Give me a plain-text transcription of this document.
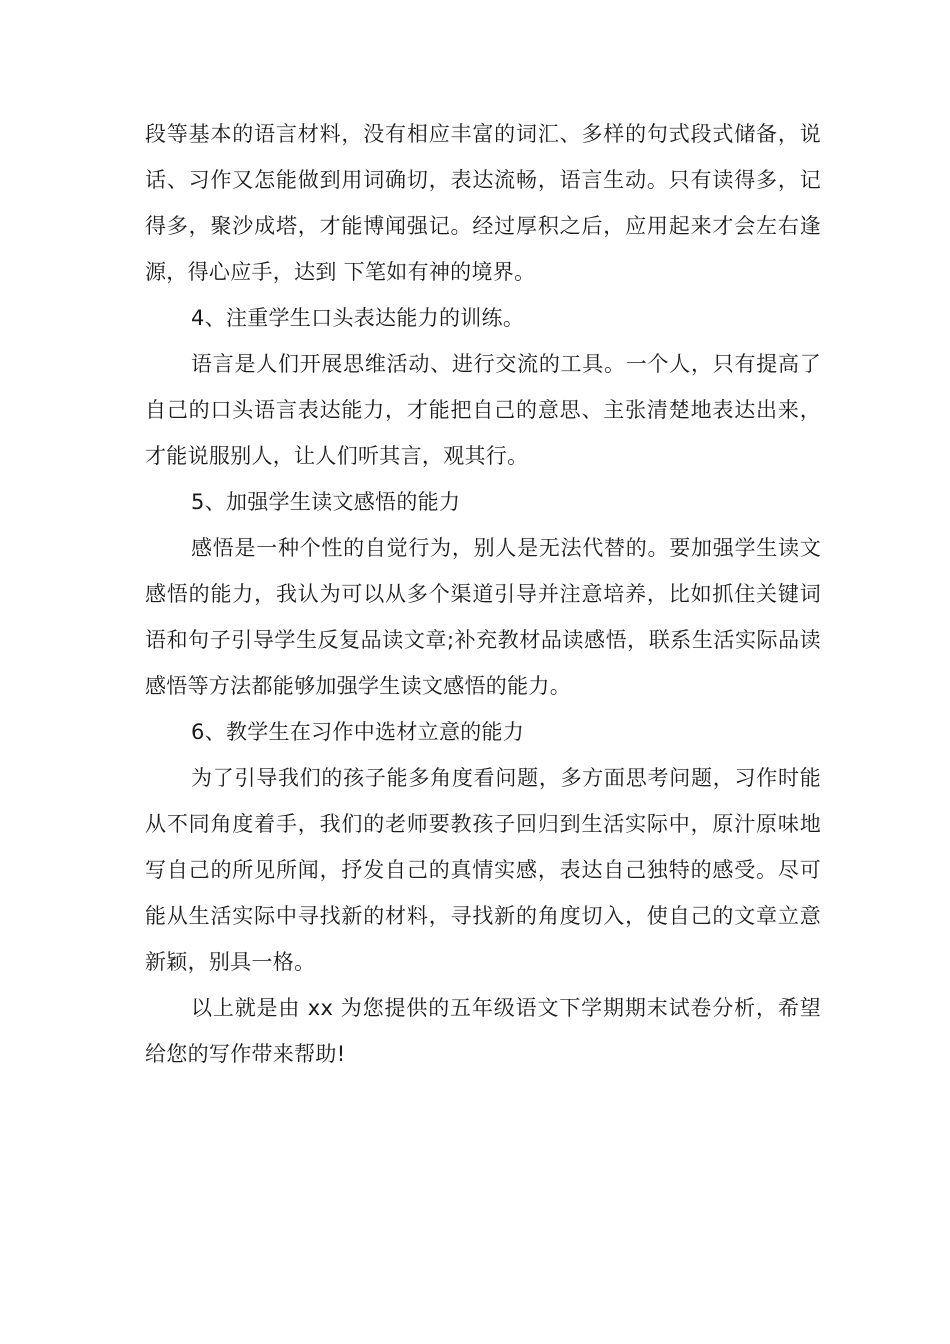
段等基本的语言材料，没有相应丰富的词汇、多样的句式段式储备，说话、习作又怎能做到用词确切，表达流畅，语言生动。只有读得多，记得多，聚沙成塔，才能博闻强记。经过厚积之后，应用起来才会左右逢源，得心应手，达到 下笔如有神的境界。

4、注重学生口头表达能力的训练。

语言是人们开展思维活动、进行交流的工具。一个人，只有提高了自己的口头语言表达能力，才能把自己的意思、主张清楚地表达出来，才能说服别人，让人们听其言，观其行。

5、加强学生读文感悟的能力

感悟是一种个性的自觉行为，别人是无法代替的。要加强学生读文感悟的能力，我认为可以从多个渠道引导并注意培养，比如抓住关键词语和句子引导学生反复品读文章;补充教材品读感悟，联系生活实际品读感悟等方法都能够加强学生读文感悟的能力。

6、教学生在习作中选材立意的能力

为了引导我们的孩子能多角度看问题，多方面思考问题，习作时能从不同角度着手，我们的老师要教孩子回归到生活实际中，原汁原味地写自己的所见所闻，抒发自己的真情实感，表达自己独特的感受。尽可能从生活实际中寻找新的材料，寻找新的角度切入，使自己的文章立意新颖，别具一格。

以上就是由 xx 为您提供的五年级语文下学期期末试卷分析，希望给您的写作带来帮助!
